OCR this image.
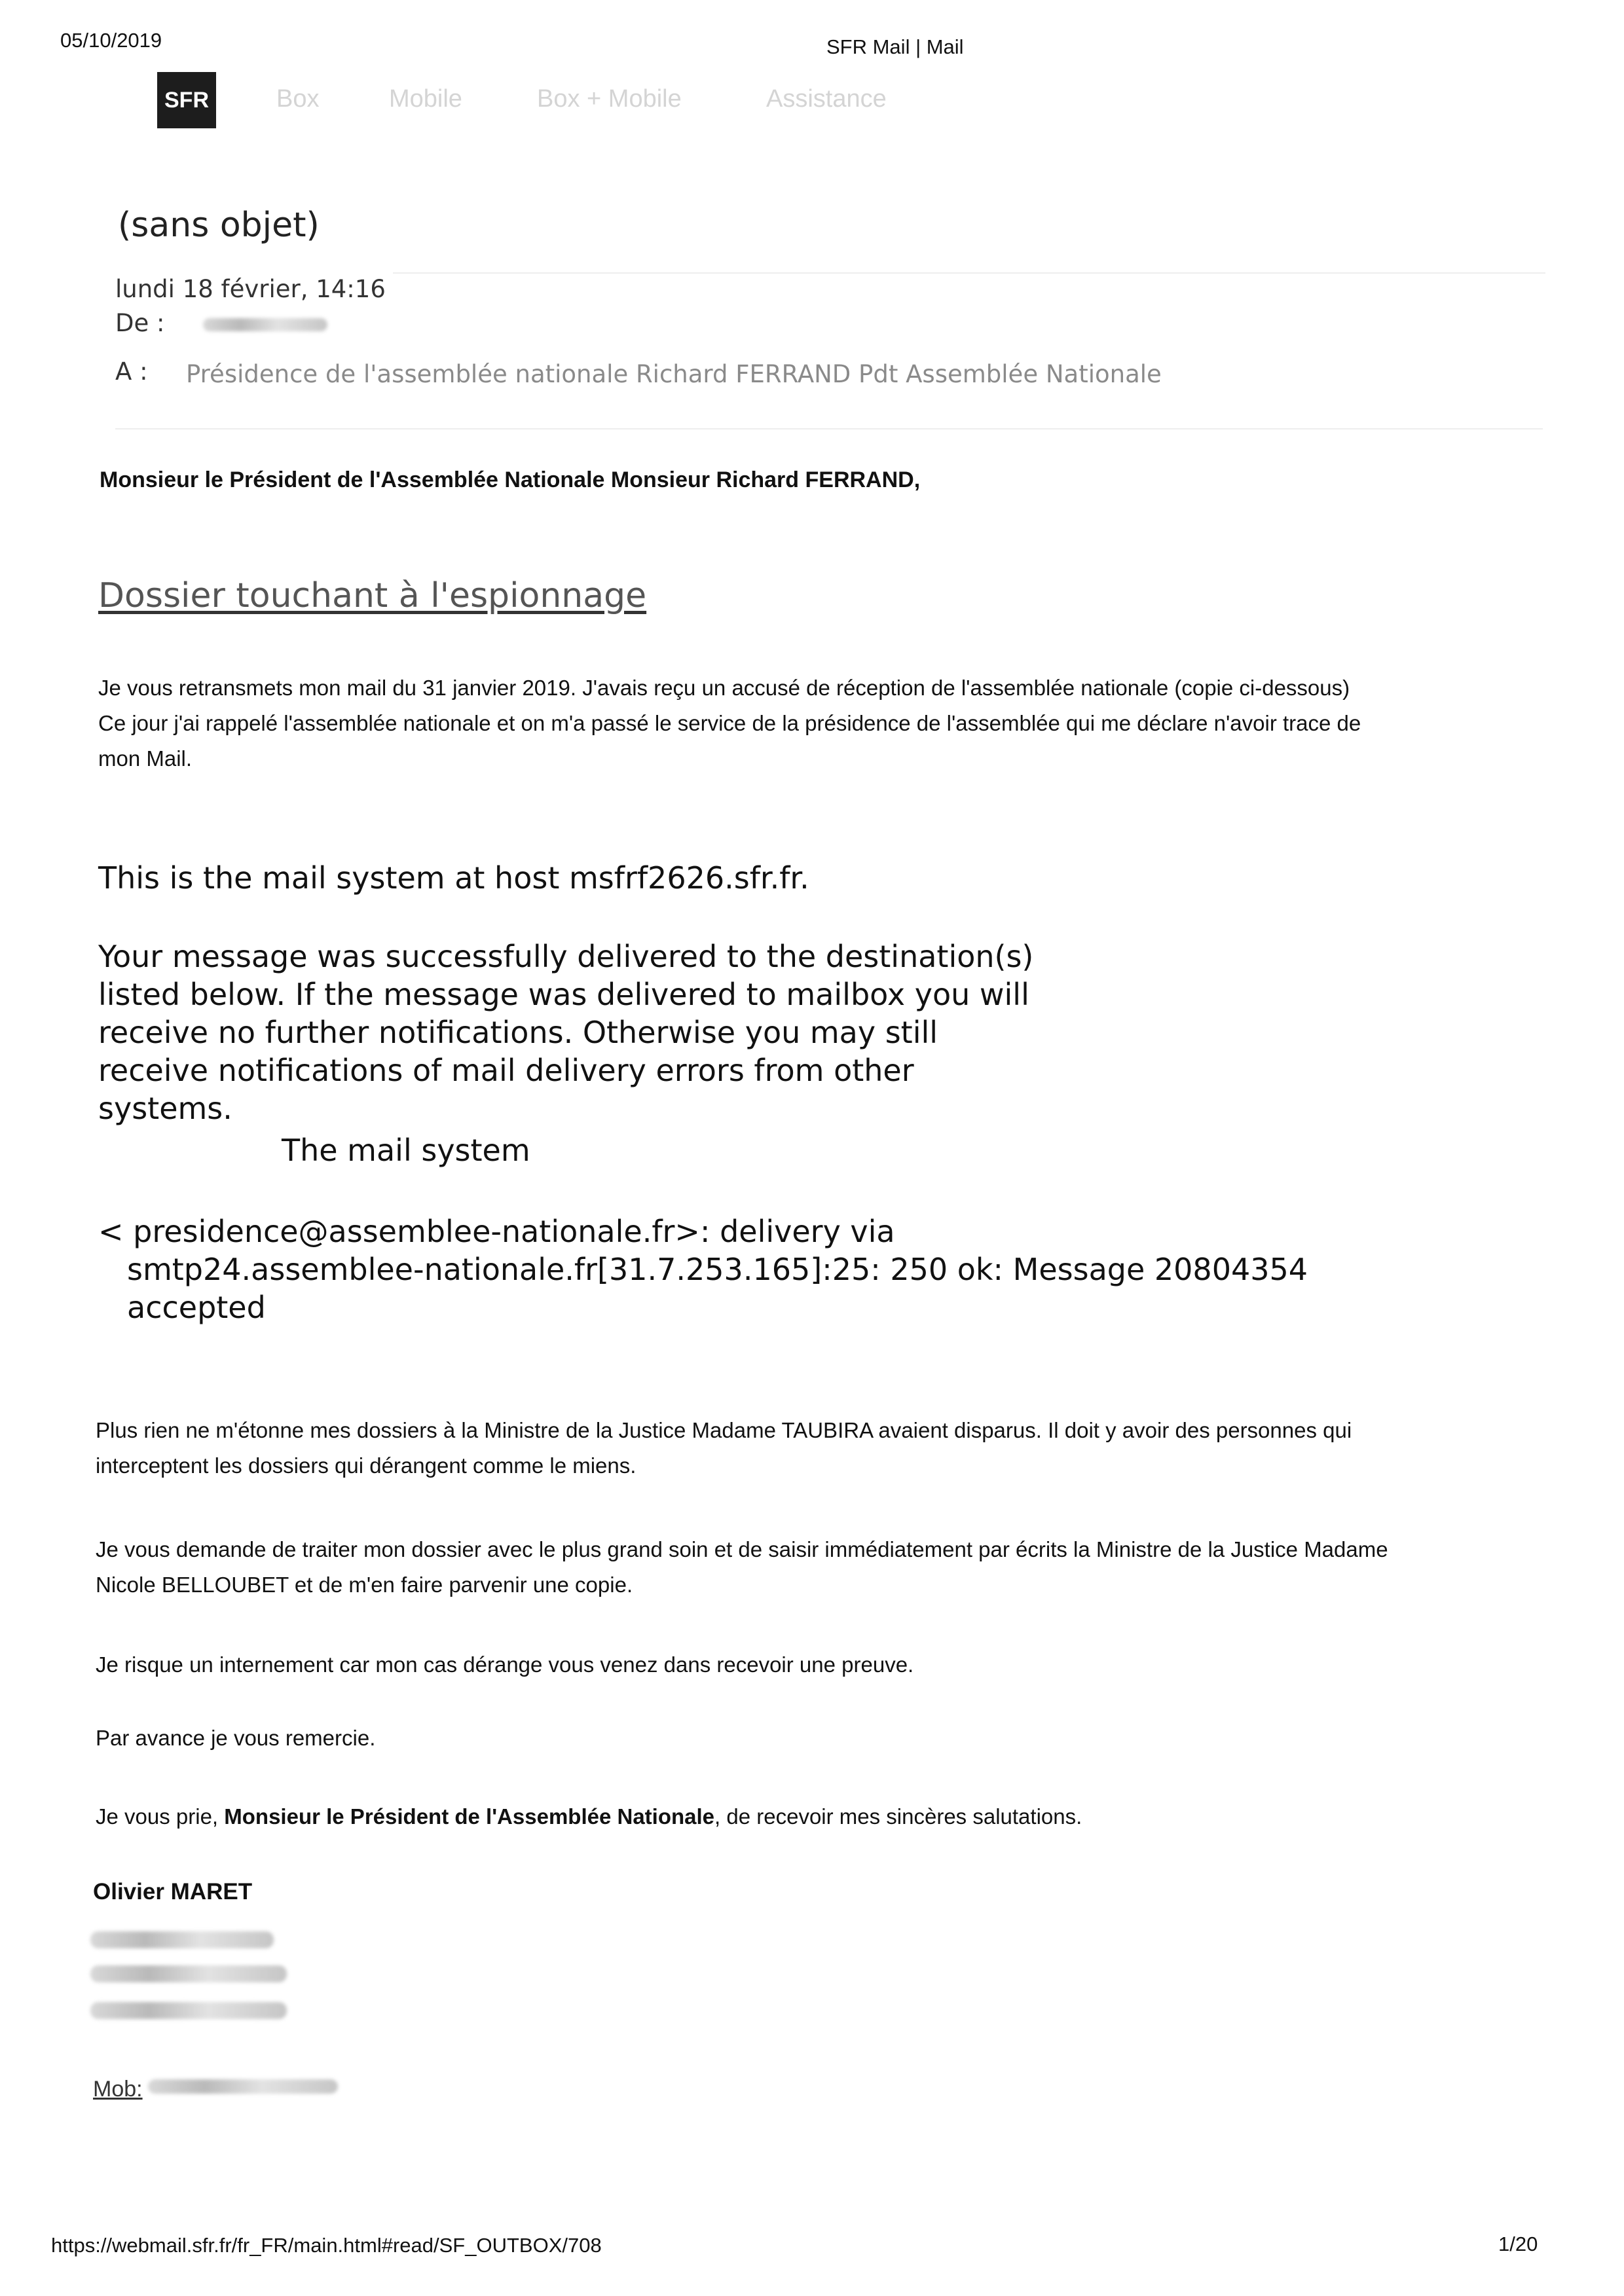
05/10/2019	SFR Mail | Mail
SFR	Box	Mobile	Box + Mobile	Assistance
(sans objet)
lundi 18 février, 14:16
De :
A : Présidence de l'assemblée nationale Richard FERRAND Pdt Assemblée Nationale
Monsieur le Président de l'Assemblée Nationale Monsieur Richard FERRAND,
Dossier touchant à l'espionnage
Je vous retransmets mon mail du 31 janvier 2019. J'avais reçu un accusé de réception de l'assemblée nationale (copie ci-dessous)
Ce jour j'ai rappelé l'assemblée nationale et on m'a passé le service de la présidence de l'assemblée qui me déclare n'avoir trace de mon Mail.
This is the mail system at host msfrf2626.sfr.fr.
Your message was successfully delivered to the destination(s) listed below. If the message was delivered to mailbox you will receive no further notifications. Otherwise you may still receive notifications of mail delivery errors from other systems.
The mail system
< presidence@assemblee-nationale.fr>: delivery via
smtp24.assemblee-nationale.fr[31.7.253.165]:25: 250 ok: Message 20804354
accepted
Plus rien ne m'étonne mes dossiers à la Ministre de la Justice Madame TAUBIRA avaient disparus. Il doit y avoir des personnes qui interceptent les dossiers qui dérangent comme le miens.
Je vous demande de traiter mon dossier avec le plus grand soin et de saisir immédiatement par écrits la Ministre de la Justice Madame Nicole BELLOUBET et de m'en faire parvenir une copie.
Je risque un internement car mon cas dérange vous venez dans recevoir une preuve.
Par avance je vous remercie.
Je vous prie, Monsieur le Président de l'Assemblée Nationale, de recevoir mes sincères salutations.
Olivier MARET
Mob:
https://webmail.sfr.fr/fr_FR/main.html#read/SF_OUTBOX/708	1/20
